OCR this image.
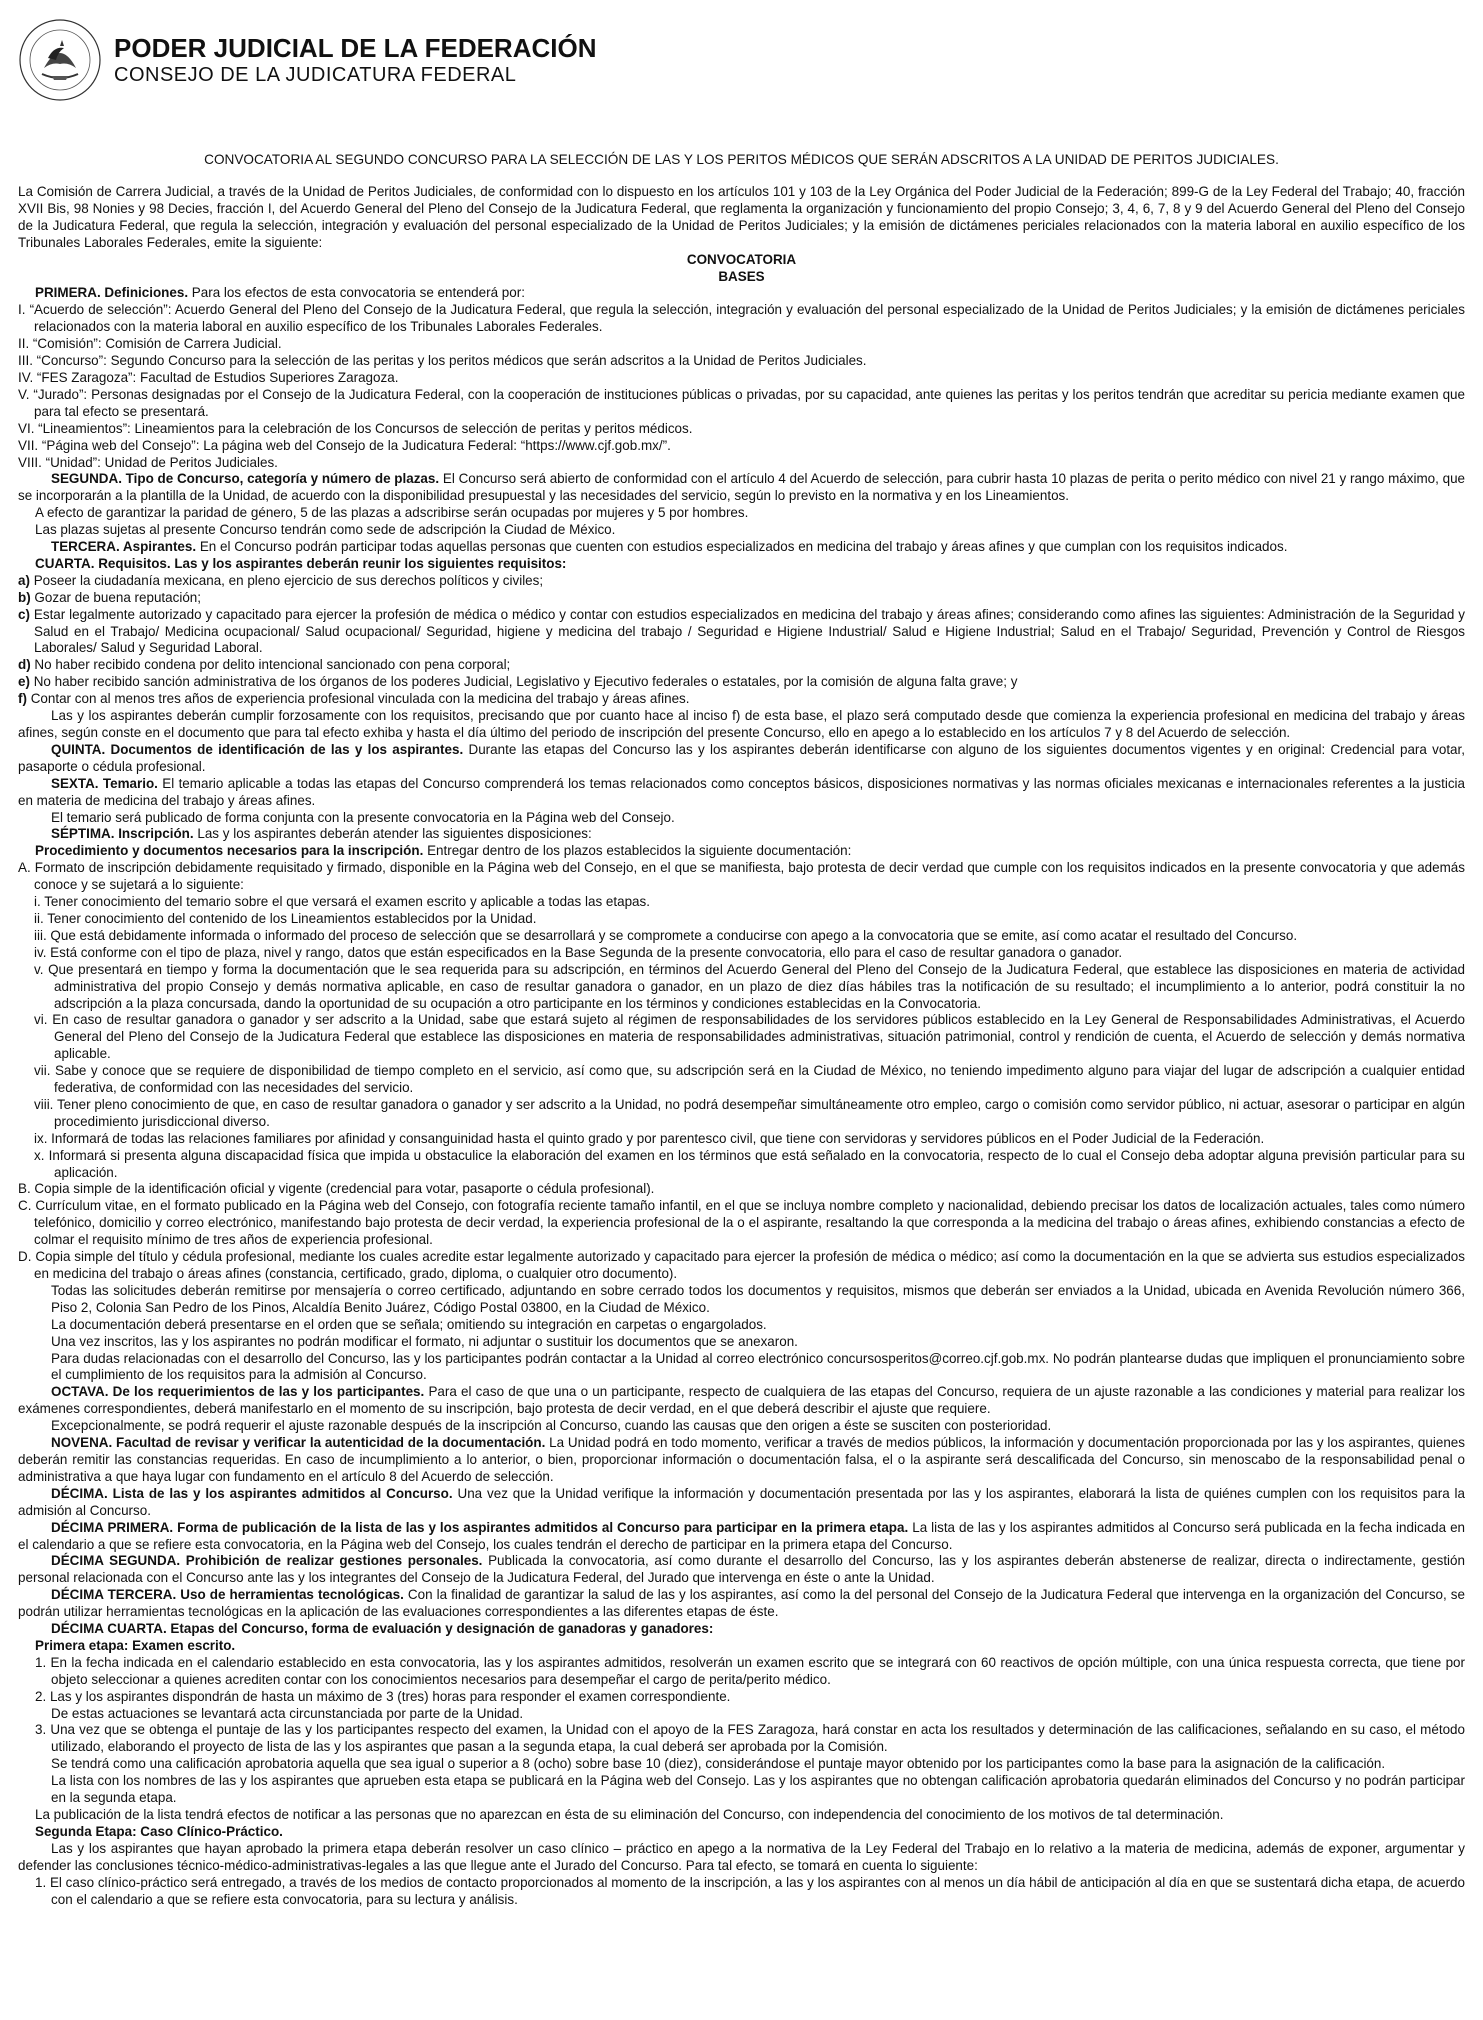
PODER JUDICIAL DE LA FEDERACIÓN
CONSEJO DE LA JUDICATURA FEDERAL
CONVOCATORIA AL SEGUNDO CONCURSO PARA LA SELECCIÓN DE LAS Y LOS PERITOS MÉDICOS QUE SERÁN ADSCRITOS A LA UNIDAD DE PERITOS JUDICIALES.

La Comisión de Carrera Judicial, a través de la Unidad de Peritos Judiciales, de conformidad con lo dispuesto en los artículos 101 y 103 de la Ley Orgánica del Poder Judicial de la Federación; 899-G de la Ley Federal del Trabajo; 40, fracción XVII Bis, 98 Nonies y 98 Decies, fracción I, del Acuerdo General del Pleno del Consejo de la Judicatura Federal, que reglamenta la organización y funcionamiento del propio Consejo; 3, 4, 6, 7, 8 y 9 del Acuerdo General del Pleno del Consejo de la Judicatura Federal, que regula la selección, integración y evaluación del personal especializado de la Unidad de Peritos Judiciales; y la emisión de dictámenes periciales relacionados con la materia laboral en auxilio específico de los Tribunales Laborales Federales, emite la siguiente:

CONVOCATORIA

BASES

PRIMERA. Definiciones. Para los efectos de esta convocatoria se entenderá por:

I. “Acuerdo de selección”: Acuerdo General del Pleno del Consejo de la Judicatura Federal, que regula la selección, integración y evaluación del personal especializado de la Unidad de Peritos Judiciales; y la emisión de dictámenes periciales relacionados con la materia laboral en auxilio específico de los Tribunales Laborales Federales.

II. “Comisión”: Comisión de Carrera Judicial.

III. “Concurso”: Segundo Concurso para la selección de las peritas y los peritos médicos que serán adscritos a la Unidad de Peritos Judiciales.

IV. “FES Zaragoza”: Facultad de Estudios Superiores Zaragoza.

V. “Jurado”: Personas designadas por el Consejo de la Judicatura Federal, con la cooperación de instituciones públicas o privadas, por su capacidad, ante quienes las peritas y los peritos tendrán que acreditar su pericia mediante examen que para tal efecto se presentará.

VI. “Lineamientos”: Lineamientos para la celebración de los Concursos de selección de peritas y peritos médicos.

VII. “Página web del Consejo”: La página web del Consejo de la Judicatura Federal: “https://www.cjf.gob.mx/”.

VIII. “Unidad”: Unidad de Peritos Judiciales.

SEGUNDA. Tipo de Concurso, categoría y número de plazas. El Concurso será abierto de conformidad con el artículo 4 del Acuerdo de selección, para cubrir hasta 10 plazas de perita o perito médico con nivel 21 y rango máximo, que se incorporarán a la plantilla de la Unidad, de acuerdo con la disponibilidad presupuestal y las necesidades del servicio, según lo previsto en la normativa y en los Lineamientos.

A efecto de garantizar la paridad de género, 5 de las plazas a adscribirse serán ocupadas por mujeres y 5 por hombres.

Las plazas sujetas al presente Concurso tendrán como sede de adscripción la Ciudad de México.

TERCERA. Aspirantes. En el Concurso podrán participar todas aquellas personas que cuenten con estudios especializados en medicina del trabajo y áreas afines y que cumplan con los requisitos indicados.

CUARTA. Requisitos. Las y los aspirantes deberán reunir los siguientes requisitos:

a) Poseer la ciudadanía mexicana, en pleno ejercicio de sus derechos políticos y civiles;

b) Gozar de buena reputación;

c) Estar legalmente autorizado y capacitado para ejercer la profesión de médica o médico y contar con estudios especializados en medicina del trabajo y áreas afines; considerando como afines las siguientes: Administración de la Seguridad y Salud en el Trabajo/ Medicina ocupacional/ Salud ocupacional/ Seguridad, higiene y medicina del trabajo / Seguridad e Higiene Industrial/ Salud e Higiene Industrial; Salud en el Trabajo/ Seguridad, Prevención y Control de Riesgos Laborales/ Salud y Seguridad Laboral.

d) No haber recibido condena por delito intencional sancionado con pena corporal;

e) No haber recibido sanción administrativa de los órganos de los poderes Judicial, Legislativo y Ejecutivo federales o estatales, por la comisión de alguna falta grave; y

f) Contar con al menos tres años de experiencia profesional vinculada con la medicina del trabajo y áreas afines.

Las y los aspirantes deberán cumplir forzosamente con los requisitos, precisando que por cuanto hace al inciso f) de esta base, el plazo será computado desde que comienza la experiencia profesional en medicina del trabajo y áreas afines, según conste en el documento que para tal efecto exhiba y hasta el día último del periodo de inscripción del presente Concurso, ello en apego a lo establecido en los artículos 7 y 8 del Acuerdo de selección.

QUINTA. Documentos de identificación de las y los aspirantes. Durante las etapas del Concurso las y los aspirantes deberán identificarse con alguno de los siguientes documentos vigentes y en original: Credencial para votar, pasaporte o cédula profesional.

SEXTA. Temario. El temario aplicable a todas las etapas del Concurso comprenderá los temas relacionados como conceptos básicos, disposiciones normativas y las normas oficiales mexicanas e internacionales referentes a la justicia en materia de medicina del trabajo y áreas afines.

El temario será publicado de forma conjunta con la presente convocatoria en la Página web del Consejo.

SÉPTIMA. Inscripción. Las y los aspirantes deberán atender las siguientes disposiciones:

Procedimiento y documentos necesarios para la inscripción. Entregar dentro de los plazos establecidos la siguiente documentación:

A. Formato de inscripción debidamente requisitado y firmado, disponible en la Página web del Consejo, en el que se manifiesta, bajo protesta de decir verdad que cumple con los requisitos indicados en la presente convocatoria y que además conoce y se sujetará a lo siguiente:

i. Tener conocimiento del temario sobre el que versará el examen escrito y aplicable a todas las etapas.

ii. Tener conocimiento del contenido de los Lineamientos establecidos por la Unidad.

iii. Que está debidamente informada o informado del proceso de selección que se desarrollará y se compromete a conducirse con apego a la convocatoria que se emite, así como acatar el resultado del Concurso.

iv. Está conforme con el tipo de plaza, nivel y rango, datos que están especificados en la Base Segunda de la presente convocatoria, ello para el caso de resultar ganadora o ganador.

v. Que presentará en tiempo y forma la documentación que le sea requerida para su adscripción, en términos del Acuerdo General del Pleno del Consejo de la Judicatura Federal, que establece las disposiciones en materia de actividad administrativa del propio Consejo y demás normativa aplicable, en caso de resultar ganadora o ganador, en un plazo de diez días hábiles tras la notificación de su resultado; el incumplimiento a lo anterior, podrá constituir la no adscripción a la plaza concursada, dando la oportunidad de su ocupación a otro participante en los términos y condiciones establecidas en la Convocatoria.

vi. En caso de resultar ganadora o ganador y ser adscrito a la Unidad, sabe que estará sujeto al régimen de responsabilidades de los servidores públicos establecido en la Ley General de Responsabilidades Administrativas, el Acuerdo General del Pleno del Consejo de la Judicatura Federal que establece las disposiciones en materia de responsabilidades administrativas, situación patrimonial, control y rendición de cuenta, el Acuerdo de selección y demás normativa aplicable.

vii. Sabe y conoce que se requiere de disponibilidad de tiempo completo en el servicio, así como que, su adscripción será en la Ciudad de México, no teniendo impedimento alguno para viajar del lugar de adscripción a cualquier entidad federativa, de conformidad con las necesidades del servicio.

viii. Tener pleno conocimiento de que, en caso de resultar ganadora o ganador y ser adscrito a la Unidad, no podrá desempeñar simultáneamente otro empleo, cargo o comisión como servidor público, ni actuar, asesorar o participar en algún procedimiento jurisdiccional diverso.

ix. Informará de todas las relaciones familiares por afinidad y consanguinidad hasta el quinto grado y por parentesco civil, que tiene con servidoras y servidores públicos en el Poder Judicial de la Federación.

x. Informará si presenta alguna discapacidad física que impida u obstaculice la elaboración del examen en los términos que está señalado en la convocatoria, respecto de lo cual el Consejo deba adoptar alguna previsión particular para su aplicación.

B. Copia simple de la identificación oficial y vigente (credencial para votar, pasaporte o cédula profesional).

C. Currículum vitae, en el formato publicado en la Página web del Consejo, con fotografía reciente tamaño infantil, en el que se incluya nombre completo y nacionalidad, debiendo precisar los datos de localización actuales, tales como número telefónico, domicilio y correo electrónico, manifestando bajo protesta de decir verdad, la experiencia profesional de la o el aspirante, resaltando la que corresponda a la medicina del trabajo o áreas afines, exhibiendo constancias a efecto de colmar el requisito mínimo de tres años de experiencia profesional.

D. Copia simple del título y cédula profesional, mediante los cuales acredite estar legalmente autorizado y capacitado para ejercer la profesión de médica o médico; así como la documentación en la que se advierta sus estudios especializados en medicina del trabajo o áreas afines (constancia, certificado, grado, diploma, o cualquier otro documento).

Todas las solicitudes deberán remitirse por mensajería o correo certificado, adjuntando en sobre cerrado todos los documentos y requisitos, mismos que deberán ser enviados a la Unidad, ubicada en Avenida Revolución número 366, Piso 2, Colonia San Pedro de los Pinos, Alcaldía Benito Juárez, Código Postal 03800, en la Ciudad de México.

La documentación deberá presentarse en el orden que se señala; omitiendo su integración en carpetas o engargolados.

Una vez inscritos, las y los aspirantes no podrán modificar el formato, ni adjuntar o sustituir los documentos que se anexaron.

Para dudas relacionadas con el desarrollo del Concurso, las y los participantes podrán contactar a la Unidad al correo electrónico concursosperitos@correo.cjf.gob.mx. No podrán plantearse dudas que impliquen el pronunciamiento sobre el cumplimiento de los requisitos para la admisión al Concurso.

OCTAVA. De los requerimientos de las y los participantes. Para el caso de que una o un participante, respecto de cualquiera de las etapas del Concurso, requiera de un ajuste razonable a las condiciones y material para realizar los exámenes correspondientes, deberá manifestarlo en el momento de su inscripción, bajo protesta de decir verdad, en el que deberá describir el ajuste que requiere.

Excepcionalmente, se podrá requerir el ajuste razonable después de la inscripción al Concurso, cuando las causas que den origen a éste se susciten con posterioridad.

NOVENA. Facultad de revisar y verificar la autenticidad de la documentación. La Unidad podrá en todo momento, verificar a través de medios públicos, la información y documentación proporcionada por las y los aspirantes, quienes deberán remitir las constancias requeridas. En caso de incumplimiento a lo anterior, o bien, proporcionar información o documentación falsa, el o la aspirante será descalificada del Concurso, sin menoscabo de la responsabilidad penal o administrativa a que haya lugar con fundamento en el artículo 8 del Acuerdo de selección.

DÉCIMA. Lista de las y los aspirantes admitidos al Concurso. Una vez que la Unidad verifique la información y documentación presentada por las y los aspirantes, elaborará la lista de quiénes cumplen con los requisitos para la admisión al Concurso.

DÉCIMA PRIMERA. Forma de publicación de la lista de las y los aspirantes admitidos al Concurso para participar en la primera etapa. La lista de las y los aspirantes admitidos al Concurso será publicada en la fecha indicada en el calendario a que se refiere esta convocatoria, en la Página web del Consejo, los cuales tendrán el derecho de participar en la primera etapa del Concurso.

DÉCIMA SEGUNDA. Prohibición de realizar gestiones personales. Publicada la convocatoria, así como durante el desarrollo del Concurso, las y los aspirantes deberán abstenerse de realizar, directa o indirectamente, gestión personal relacionada con el Concurso ante las y los integrantes del Consejo de la Judicatura Federal, del Jurado que intervenga en éste o ante la Unidad.

DÉCIMA TERCERA. Uso de herramientas tecnológicas. Con la finalidad de garantizar la salud de las y los aspirantes, así como la del personal del Consejo de la Judicatura Federal que intervenga en la organización del Concurso, se podrán utilizar herramientas tecnológicas en la aplicación de las evaluaciones correspondientes a las diferentes etapas de éste.

DÉCIMA CUARTA. Etapas del Concurso, forma de evaluación y designación de ganadoras y ganadores:

Primera etapa: Examen escrito.

1. En la fecha indicada en el calendario establecido en esta convocatoria, las y los aspirantes admitidos, resolverán un examen escrito que se integrará con 60 reactivos de opción múltiple, con una única respuesta correcta, que tiene por objeto seleccionar a quienes acrediten contar con los conocimientos necesarios para desempeñar el cargo de perita/perito médico.

2. Las y los aspirantes dispondrán de hasta un máximo de 3 (tres) horas para responder el examen correspondiente.

De estas actuaciones se levantará acta circunstanciada por parte de la Unidad.

3. Una vez que se obtenga el puntaje de las y los participantes respecto del examen, la Unidad con el apoyo de la FES Zaragoza, hará constar en acta los resultados y determinación de las calificaciones, señalando en su caso, el método utilizado, elaborando el proyecto de lista de las y los aspirantes que pasan a la segunda etapa, la cual deberá ser aprobada por la Comisión.

Se tendrá como una calificación aprobatoria aquella que sea igual o superior a 8 (ocho) sobre base 10 (diez), considerándose el puntaje mayor obtenido por los participantes como la base para la asignación de la calificación.

La lista con los nombres de las y los aspirantes que aprueben esta etapa se publicará en la Página web del Consejo. Las y los aspirantes que no obtengan calificación aprobatoria quedarán eliminados del Concurso y no podrán participar en la segunda etapa.

La publicación de la lista tendrá efectos de notificar a las personas que no aparezcan en ésta de su eliminación del Concurso, con independencia del conocimiento de los motivos de tal determinación.

Segunda Etapa: Caso Clínico-Práctico.

Las y los aspirantes que hayan aprobado la primera etapa deberán resolver un caso clínico – práctico en apego a la normativa de la Ley Federal del Trabajo en lo relativo a la materia de medicina, además de exponer, argumentar y defender las conclusiones técnico-médico-administrativas-legales a las que llegue ante el Jurado del Concurso. Para tal efecto, se tomará en cuenta lo siguiente:

1. El caso clínico-práctico será entregado, a través de los medios de contacto proporcionados al momento de la inscripción, a las y los aspirantes con al menos un día hábil de anticipación al día en que se sustentará dicha etapa, de acuerdo con el calendario a que se refiere esta convocatoria, para su lectura y análisis.
